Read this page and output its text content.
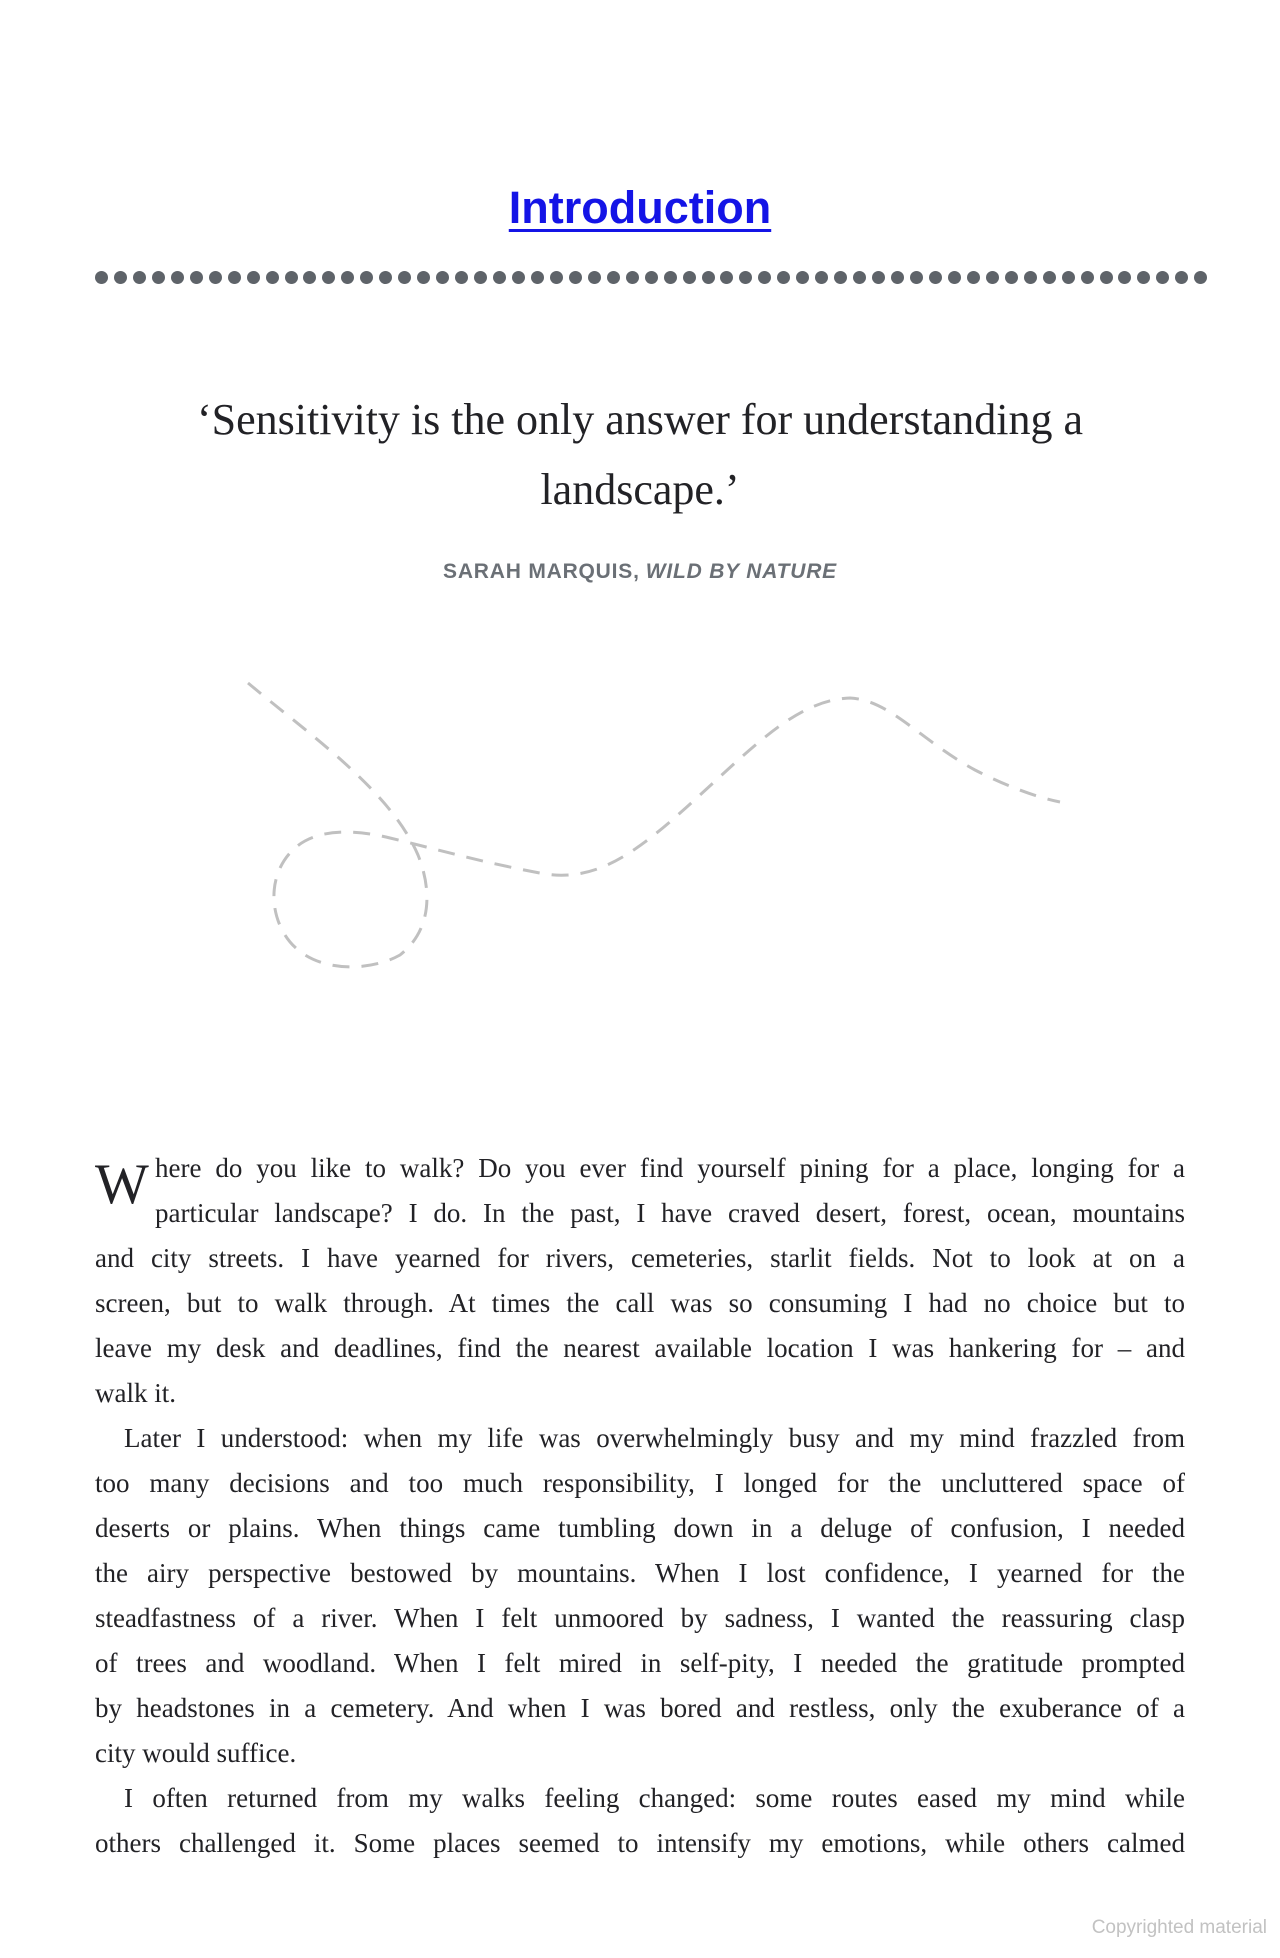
Introduction
‘Sensitivity is the only answer for understanding a
landscape.’
SARAH MARQUIS, WILD BY NATURE
W here do you like to walk? Do you ever find yourself pining for a place, longing for a
particular landscape? I do. In the past, I have craved desert, forest, ocean, mountains
and city streets. I have yearned for rivers, cemeteries, starlit fields. Not to look at on a
screen, but to walk through. At times the call was so consuming I had no choice but to
leave my desk and deadlines, find the nearest available location I was hankering for – and
walk it.
Later I understood: when my life was overwhelmingly busy and my mind frazzled from
too many decisions and too much responsibility, I longed for the uncluttered space of
deserts or plains. When things came tumbling down in a deluge of confusion, I needed
the airy perspective bestowed by mountains. When I lost confidence, I yearned for the
steadfastness of a river. When I felt unmoored by sadness, I wanted the reassuring clasp
of trees and woodland. When I felt mired in self-pity, I needed the gratitude prompted
by headstones in a cemetery. And when I was bored and restless, only the exuberance of a
city would suffice.
I often returned from my walks feeling changed: some routes eased my mind while
others challenged it. Some places seemed to intensify my emotions, while others calmed
Copyrighted material
